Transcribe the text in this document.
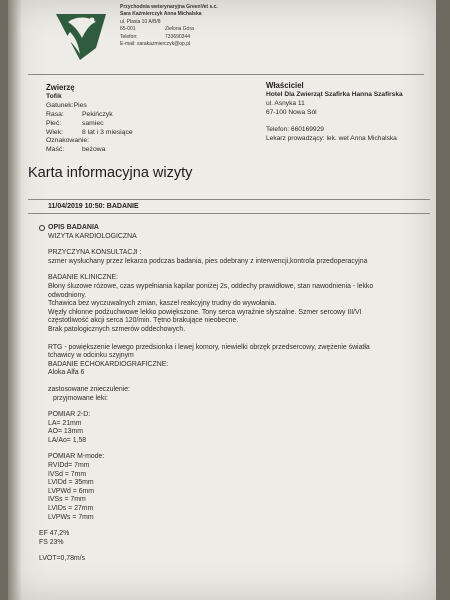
Przychodnia weterynaryjna GreenVet s.c.
Sara Kaźmierczyk Anna Michalska
ul. Plasia 10 A/B/8
65-001	Zielona Góra
Telefon:	733690344
E-mail: sarakazmierczyk@op.pl
Zwierzę
Tofik
Gatunek: Pies
Rasa:	Pekińczyk
Płeć:	samiec
Wiek:	8 lat i 3 miesiące
Oznakowanie:
Maść:	beżowa
Właściciel
Hotel Dla Zwierząt Szafirka Hanna Szafirska
ul. Asnyka 11
67-100 Nowa Sól
Telefon: 660169929
Lekarz prowadzący: lek. wet Anna Michalska
Karta informacyjna wizyty
11/04/2019 10:50: BADANIE
OPIS BADANIA
WIZYTA KARDIOLOGICZNA
PRZYCZYNA KONSULTACJI :
szmer wysłuchany przez lekarza podczas badania, pies odebrany z interwencji,kontrola przedoperacyjna
BADANIE KLINICZNE:
Błony śluzowe różowe, czas wypełniania kapilar poniżej 2s, oddechy prawidłowe, stan nawodnienia - lekko
odwodniony.
Tchawica bez wyczuwalnych zmian, kaszel reakcyjny trudny do wywołania.
Węzły chłonne podżuchwowe lekko powiększone. Tony serca wyraźnie słyszalne. Szmer sercowy III/VI
częstotliwość akcji serca 120/min. Tętno brakujące nieobecne.
Brak patologicznych szmerów oddechowych.
RTG - powiększenie lewego przedsionka i lewej komory, niewielki obrzęk przedsercowy, zwężenie światła
tchawicy w odcinku szyjnym
BADANIE ECHOKARDIOGRAFICZNE:
Aloka Alfa 6
zastosowane znieczulenie:
przyjmowane leki:
POMIAR 2-D:
LA= 21mm
AO= 13mm
LA/Ao= 1,58
POMIAR M-mode:
RVIDd= 7mm
IVSd = 7mm
LVIDd = 35mm
LVPWd = 6mm
IVSs = 7mm
LVIDs = 27mm
LVPWs = 7mm
EF 47,2%
FS 23%
LVOT=0,78m/s
